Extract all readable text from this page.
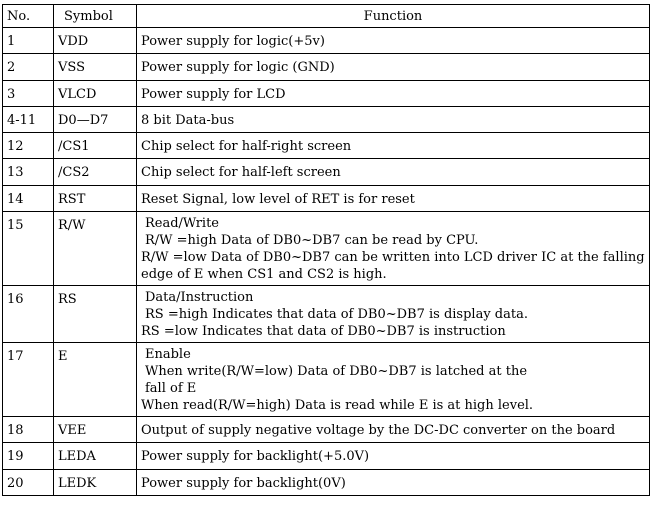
No.	Symbol	Function
1	VDD	Power supply for logic(+5v)

2	VSS	Power supply for logic (GND)

3	VLCD	Power supply for LCD

4-11	D0—D7	8 bit Data-bus

12	/CS1	Chip select for half-right screen

13	/CS2	Chip select for half-left screen

14	RST	Reset Signal, low level of RET is for reset

15	R/W	Read/Write
R/W =high Data of DB0~DB7 can be read by CPU.
R/W =low Data of DB0~DB7 can be written into LCD driver IC at the falling
edge of E when CS1 and CS2 is high.

16	RS	Data/Instruction
RS =high Indicates that data of DB0~DB7 is display data.
RS =low Indicates that data of DB0~DB7 is instruction

17	E	Enable
When write(R/W=low) Data of DB0~DB7 is latched at the
fall of E
When read(R/W=high) Data is read while E is at high level.

18	VEE	Output of supply negative voltage by the DC-DC converter on the board

19	LEDA	Power supply for backlight(+5.0V)

20	LEDK	Power supply for backlight(0V)
